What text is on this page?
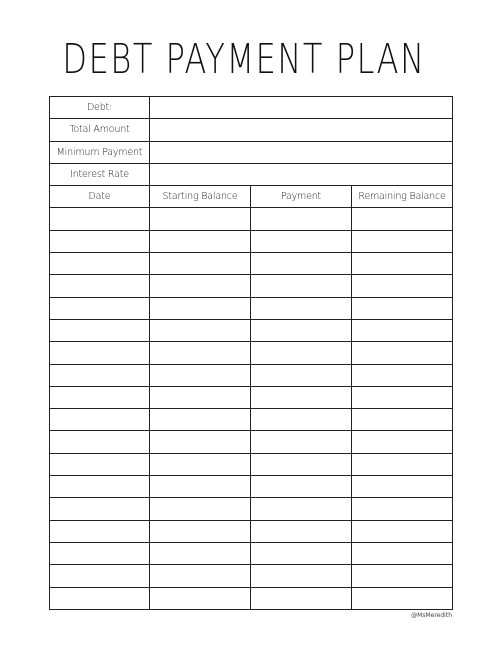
DEBT PAYMENT PLAN
Debt:			
Total Amount			
Minimum Payment			
Interest Rate			
Date	Starting Balance	Payment	Remaining Balance

@MsMeredith
